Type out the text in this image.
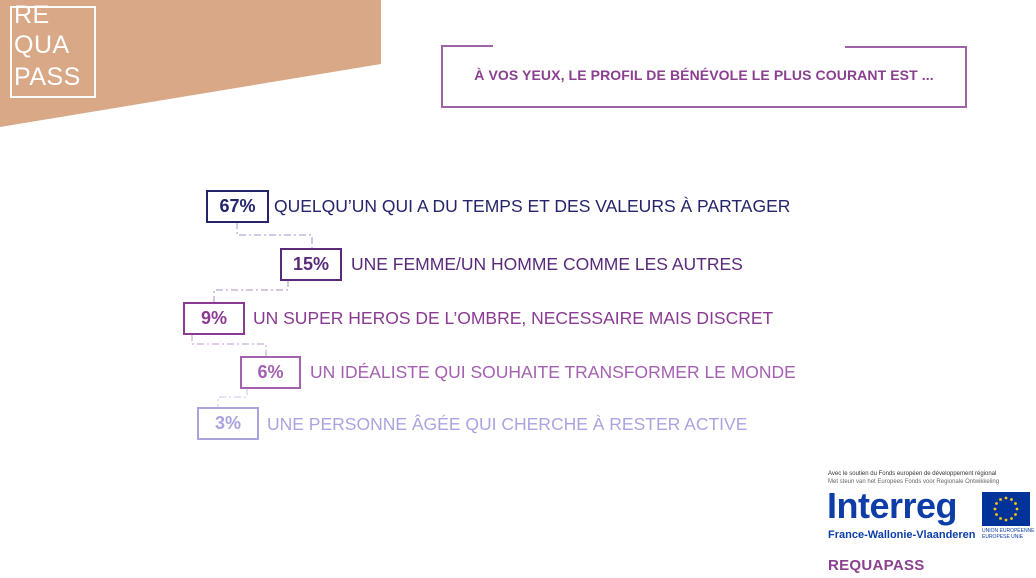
RE
QUA
PASS	À VOS YEUX, LE PROFIL DE BÉNÉVOLE LE PLUS COURANT EST ...
67%	QUELQU’UN QUI A DU TEMPS ET DES VALEURS À PARTAGER
15%	UNE FEMME/UN HOMME COMME LES AUTRES
9%	UN SUPER HEROS DE L’OMBRE, NECESSAIRE MAIS DISCRET
6%	UN IDÉALISTE QUI SOUHAITE TRANSFORMER LE MONDE
3%	UNE PERSONNE ÂGÉE QUI CHERCHE À RESTER ACTIVE
Avec le soutien du Fonds européen de développement régional
Met steun van het Europees Fonds voor Regionale Ontwikkeling
Interreg
France-Wallonie-Vlaanderen UNION EUROPÉENNE
EUROPESE UNIE
REQUAPASS
